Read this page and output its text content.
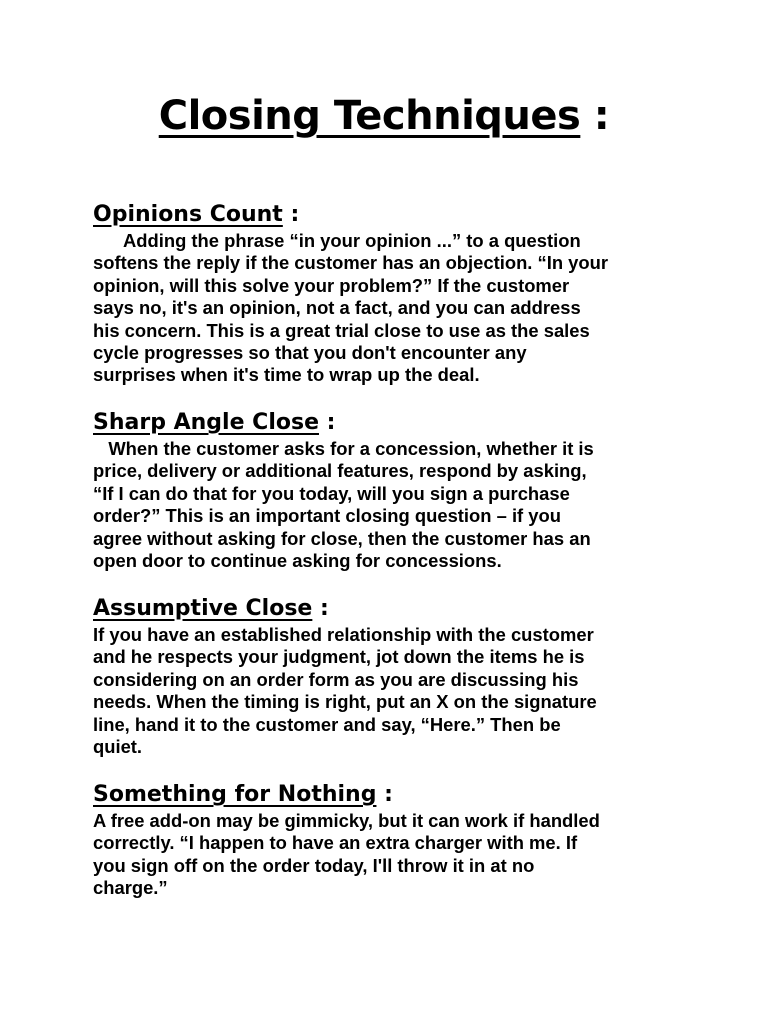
Closing Techniques :
Opinions Count :
Adding the phrase “in your opinion ...” to a question
softens the reply if the customer has an objection. “In your
opinion, will this solve your problem?” If the customer
says no, it's an opinion, not a fact, and you can address
his concern. This is a great trial close to use as the sales
cycle progresses so that you don't encounter any
surprises when it's time to wrap up the deal.
Sharp Angle Close :
When the customer asks for a concession, whether it is
price, delivery or additional features, respond by asking,
“If I can do that for you today, will you sign a purchase
order?” This is an important closing question – if you
agree without asking for close, then the customer has an
open door to continue asking for concessions.
Assumptive Close :
If you have an established relationship with the customer
and he respects your judgment, jot down the items he is
considering on an order form as you are discussing his
needs. When the timing is right, put an X on the signature
line, hand it to the customer and say, “Here.” Then be
quiet.
Something for Nothing :
A free add-on may be gimmicky, but it can work if handled
correctly. “I happen to have an extra charger with me. If
you sign off on the order today, I'll throw it in at no
charge.”
